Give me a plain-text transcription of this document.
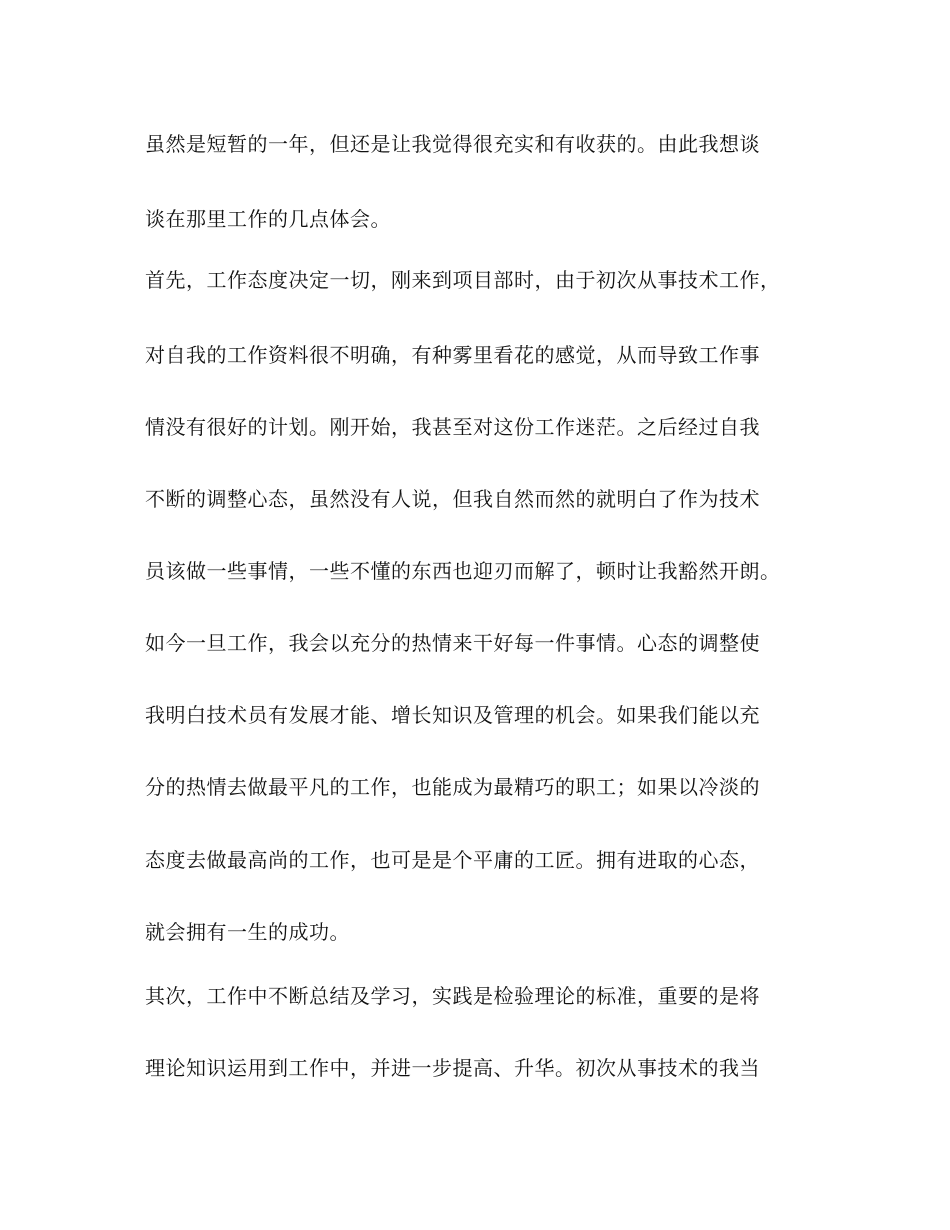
虽然是短暂的一年，但还是让我觉得很充实和有收获的。由此我想谈
谈在那里工作的几点体会。
首先，工作态度决定一切，刚来到项目部时，由于初次从事技术工作，
对自我的工作资料很不明确，有种雾里看花的感觉，从而导致工作事
情没有很好的计划。刚开始，我甚至对这份工作迷茫。之后经过自我
不断的调整心态，虽然没有人说，但我自然而然的就明白了作为技术
员该做一些事情，一些不懂的东西也迎刃而解了，顿时让我豁然开朗。
如今一旦工作，我会以充分的热情来干好每一件事情。心态的调整使
我明白技术员有发展才能、增长知识及管理的机会。如果我们能以充
分的热情去做最平凡的工作，也能成为最精巧的职工；如果以冷淡的
态度去做最高尚的工作，也可是是个平庸的工匠。拥有进取的心态，
就会拥有一生的成功。
其次，工作中不断总结及学习，实践是检验理论的标准，重要的是将
理论知识运用到工作中，并进一步提高、升华。初次从事技术的我当
